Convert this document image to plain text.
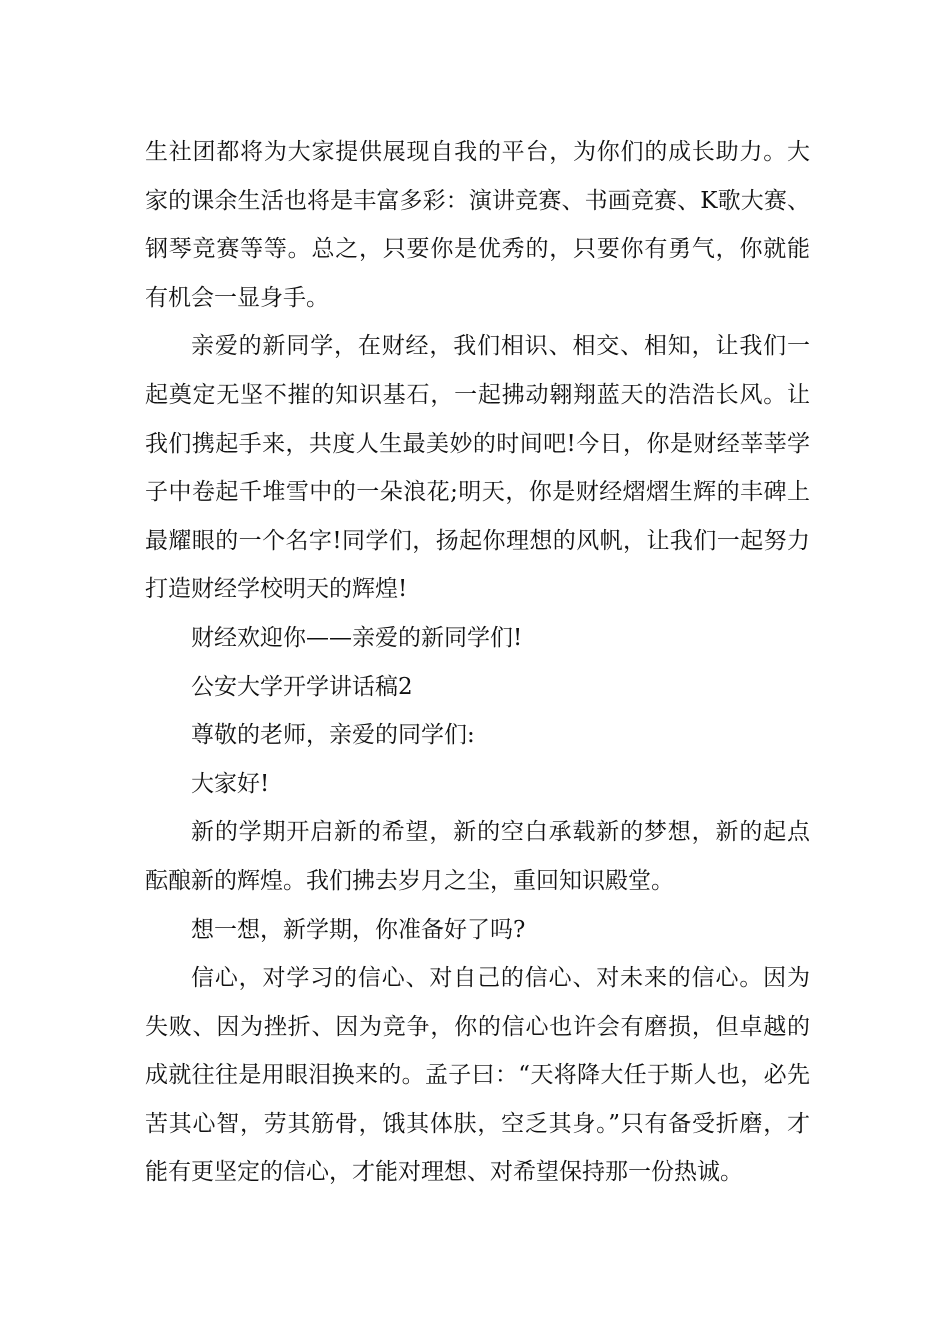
生社团都将为大家提供展现自我的平台，为你们的成长助力。大家的课余生活也将是丰富多彩：演讲竞赛、书画竞赛、K歌大赛、钢琴竞赛等等。总之，只要你是优秀的，只要你有勇气，你就能有机会一显身手。

亲爱的新同学，在财经，我们相识、相交、相知，让我们一起奠定无坚不摧的知识基石，一起拂动翱翔蓝天的浩浩长风。让我们携起手来，共度人生最美妙的时间吧!今日，你是财经莘莘学子中卷起千堆雪中的一朵浪花;明天，你是财经熠熠生辉的丰碑上最耀眼的一个名字!同学们，扬起你理想的风帆，让我们一起努力打造财经学校明天的辉煌!

财经欢迎你——亲爱的新同学们!

公安大学开学讲话稿2

尊敬的老师，亲爱的同学们:

大家好!

新的学期开启新的希望，新的空白承载新的梦想，新的起点酝酿新的辉煌。我们拂去岁月之尘，重回知识殿堂。

想一想，新学期，你准备好了吗?

信心，对学习的信心、对自己的信心、对未来的信心。因为失败、因为挫折、因为竞争，你的信心也许会有磨损，但卓越的成就往往是用眼泪换来的。孟子曰：“天将降大任于斯人也，必先苦其心智，劳其筋骨，饿其体肤，空乏其身。”只有备受折磨，才能有更坚定的信心，才能对理想、对希望保持那一份热诚。
